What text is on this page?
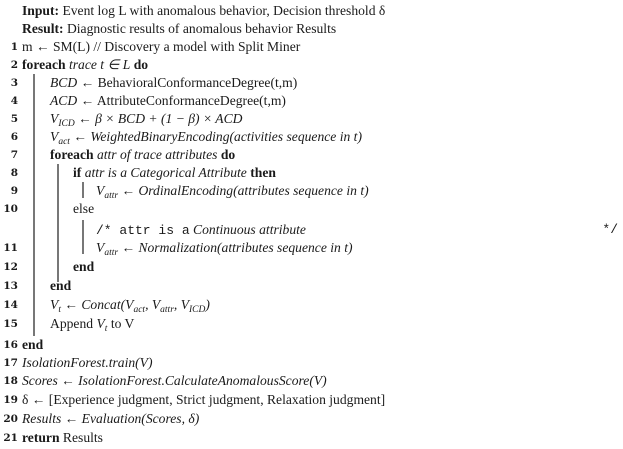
Input: Event log L with anomalous behavior, Decision threshold δ
Result: Diagnostic results of anomalous behavior Results
1 m ← SM(L) // Discovery a model with Split Miner
2 foreach trace t ∈ L do
3 BCD ← BehavioralConformanceDegree(t,m)
4 ACD ← AttributeConformanceDegree(t,m)
5 $V_{ICD}$ ← β × BCD + (1 − β) × ACD
6 $V_{act}$ ← WeightedBinaryEncoding(activities sequence in t)
7 foreach attr of trace attributes do
8	if attr is a Categorical Attribute then
9	$V_{attr}$ ← OrdinalEncoding(attributes sequence in t)
10	else
/* attr is a Continuous attribute	*/
11	$V_{attr}$ ← Normalization(attributes sequence in t)
12	end
13 end
14 $V_t$ ← $Concat(V_{act}$, $V_{attr}$, $V_{ICD}$)
15 Append $V_t$ to V
16 end
17 IsolationForest.train(V)
18 Scores ← IsolationForest.CalculateAnomalousScore(V)
19 δ ← [Experience judgment, Strict judgment, Relaxation judgment]
20 Results ← Evaluation(Scores, δ)
21 return Results
